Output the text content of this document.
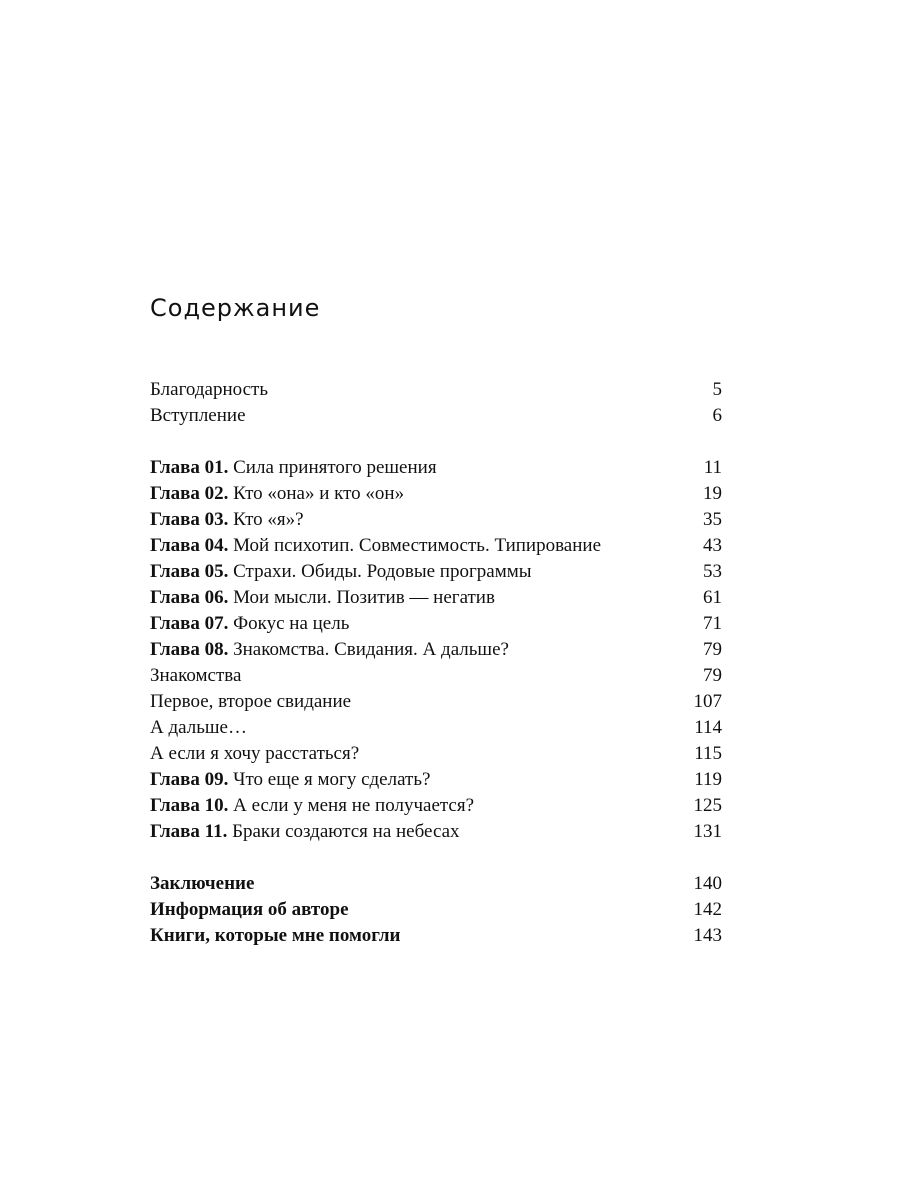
Содержание
Благодарность	5
Вступление	6
Глава 01. Сила принятого решения	11
Глава 02. Кто «она» и кто «он»	19
Глава 03. Кто «я»?	35
Глава 04. Мой психотип. Совместимость. Типирование	43
Глава 05. Страхи. Обиды. Родовые программы	53
Глава 06. Мои мысли. Позитив — негатив	61
Глава 07. Фокус на цель	71
Глава 08. Знакомства. Свидания. А дальше?	79
Знакомства	79
Первое, второе свидание	107
А дальше…	114
А если я хочу расстаться?	115
Глава 09. Что еще я могу сделать?	119
Глава 10. А если у меня не получается?	125
Глава 11. Браки создаются на небесах	131
Заключение	140
Информация об авторе	142
Книги, которые мне помогли	143
